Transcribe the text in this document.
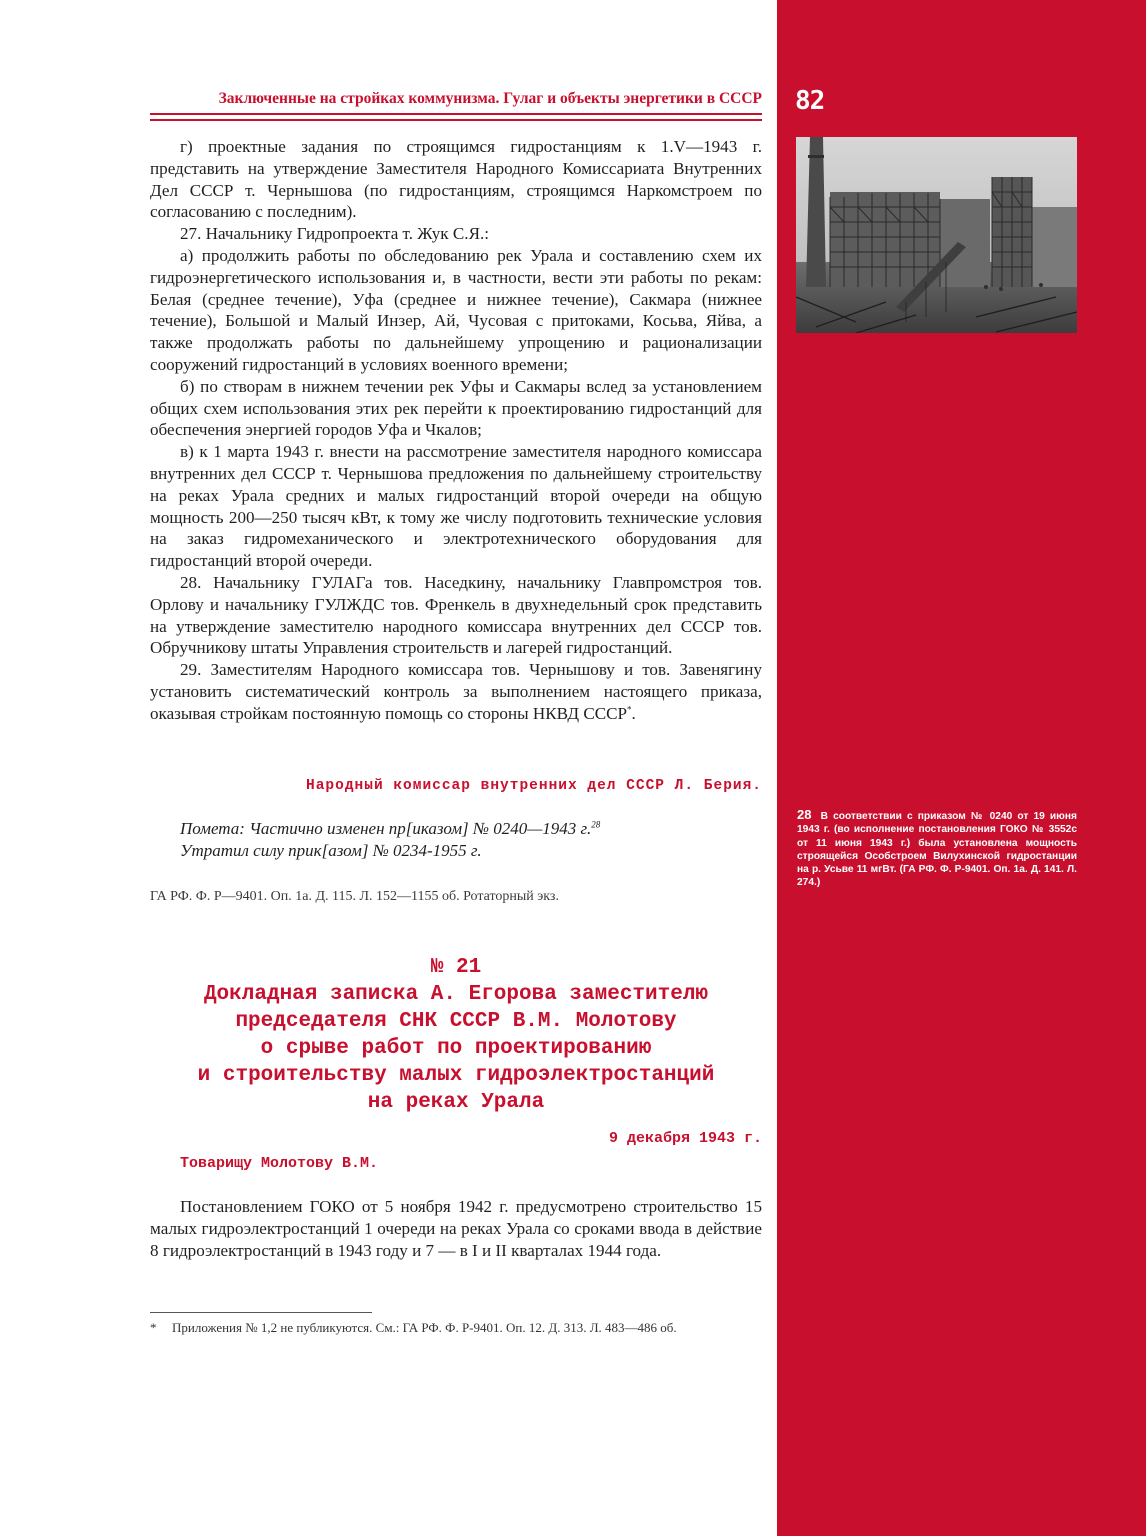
82
28 В соответствии с приказом № 0240 от 19 июня 1943 г. (во исполнение постановления ГОКО № 3552с от 11 июня 1943 г.) была установлена мощность строящейся Особстроем Вилухинской гидростанции на р. Усьве 11 мгВт. (ГА РФ. Ф. Р-9401. Оп. 1а. Д. 141. Л. 274.)
Заключенные на стройках коммунизма. Гулаг и объекты энергетики в СССР

г) проектные задания по строящимся гидростанциям к 1.V—1943 г. представить на утверждение Заместителя Народного Комиссариата Внутренних Дел СССР т. Чернышова (по гидростанциям, строящимся Наркомстроем по согласованию с последним).

27. Начальнику Гидропроекта т. Жук С.Я.:

а) продолжить работы по обследованию рек Урала и составлению схем их гидроэнергетического использования и, в частности, вести эти работы по рекам: Белая (среднее течение), Уфа (среднее и нижнее течение), Сакмара (нижнее течение), Большой и Малый Инзер, Ай, Чусовая с притоками, Косьва, Яйва, а также продолжать работы по дальнейшему упрощению и рационализации сооружений гидростанций в условиях военного времени;

б) по створам в нижнем течении рек Уфы и Сакмары вслед за установлением общих схем использования этих рек перейти к проектированию гидростанций для обеспечения энергией городов Уфа и Чкалов;

в) к 1 марта 1943 г. внести на рассмотрение заместителя народного комиссара внутренних дел СССР т. Чернышова предложения по дальнейшему строительству на реках Урала средних и малых гидростанций второй очереди на общую мощность 200—250 тысяч кВт, к тому же числу подготовить технические условия на заказ гидромеханического и электротехнического оборудования для гидростанций второй очереди.

28. Начальнику ГУЛАГа тов. Наседкину, начальнику Главпромстроя тов. Орлову и начальнику ГУЛЖДС тов. Френкель в двухнедельный срок представить на утверждение заместителю народного комиссара внутренних дел СССР тов. Обручникову штаты Управления строительств и лагерей гидростанций.

29. Заместителям Народного комиссара тов. Чернышову и тов. Завенягину установить систематический контроль за выполнением настоящего приказа, оказывая стройкам постоянную помощь со стороны НКВД СССР*.

Народный комиссар внутренних дел СССР Л. Берия.
Помета: Частично изменен пр[иказом] № 0240—1943 г.$^{28}$
Утратил силу прик[азом] № 0234-1955 г.
ГА РФ. Ф. Р—9401. Оп. 1а. Д. 115. Л. 152—1155 об. Ротаторный экз.
№ 21
Докладная записка А. Егорова заместителю
председателя СНК СССР В.М. Молотову
о срыве работ по проектированию
и строительству малых гидроэлектростанций
на реках Урала
9 декабря 1943 г.
Товарищу Молотову В.М.

Постановлением ГОКО от 5 ноября 1942 г. предусмотрено строительство 15 малых гидроэлектростанций 1 очереди на реках Урала со сроками ввода в действие 8 гидроэлектростанций в 1943 году и 7 — в I и II кварталах 1944 года.

* Приложения № 1,2 не публикуются. См.: ГА РФ. Ф. Р-9401. Оп. 12. Д. 313. Л. 483—486 об.
